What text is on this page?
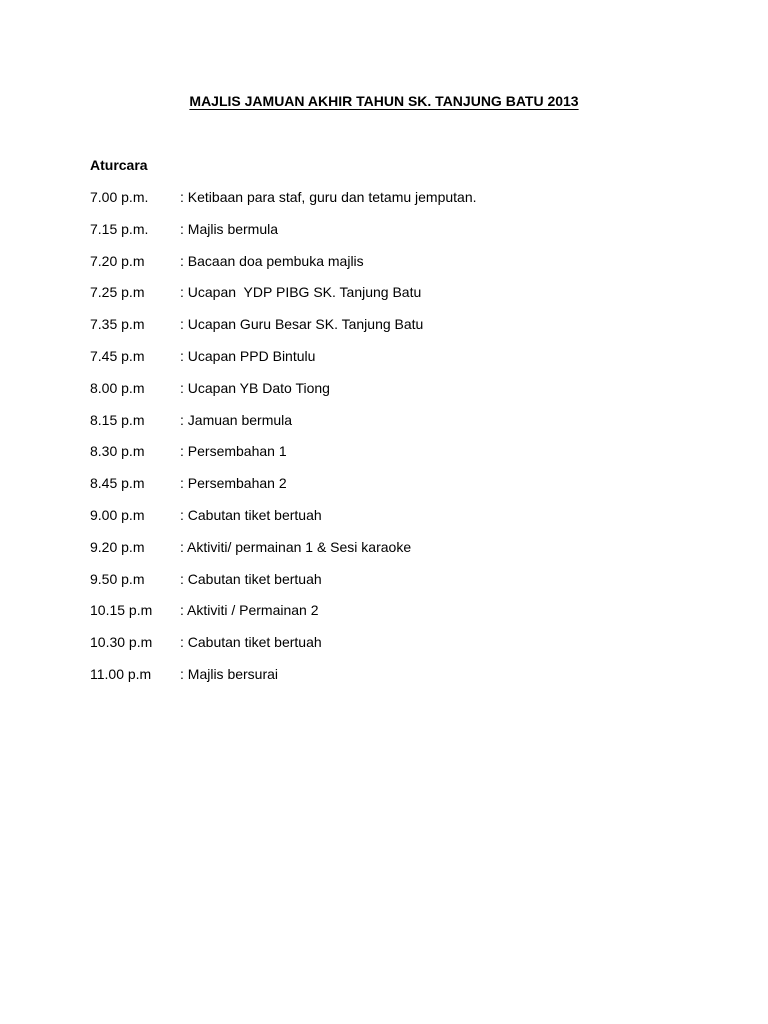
MAJLIS JAMUAN AKHIR TAHUN SK. TANJUNG BATU 2013
Aturcara
7.00 p.m.	: Ketibaan para staf, guru dan tetamu jemputan.
7.15 p.m.	: Majlis bermula
7.20 p.m	: Bacaan doa pembuka majlis
7.25 p.m	: Ucapan  YDP PIBG SK. Tanjung Batu
7.35 p.m	: Ucapan Guru Besar SK. Tanjung Batu
7.45 p.m	: Ucapan PPD Bintulu
8.00 p.m	: Ucapan YB Dato Tiong
8.15 p.m	: Jamuan bermula
8.30 p.m	: Persembahan 1
8.45 p.m	: Persembahan 2
9.00 p.m	: Cabutan tiket bertuah
9.20 p.m	: Aktiviti/ permainan 1 & Sesi karaoke
9.50 p.m	: Cabutan tiket bertuah
10.15 p.m	: Aktiviti / Permainan 2
10.30 p.m	: Cabutan tiket bertuah
11.00 p.m	: Majlis bersurai
